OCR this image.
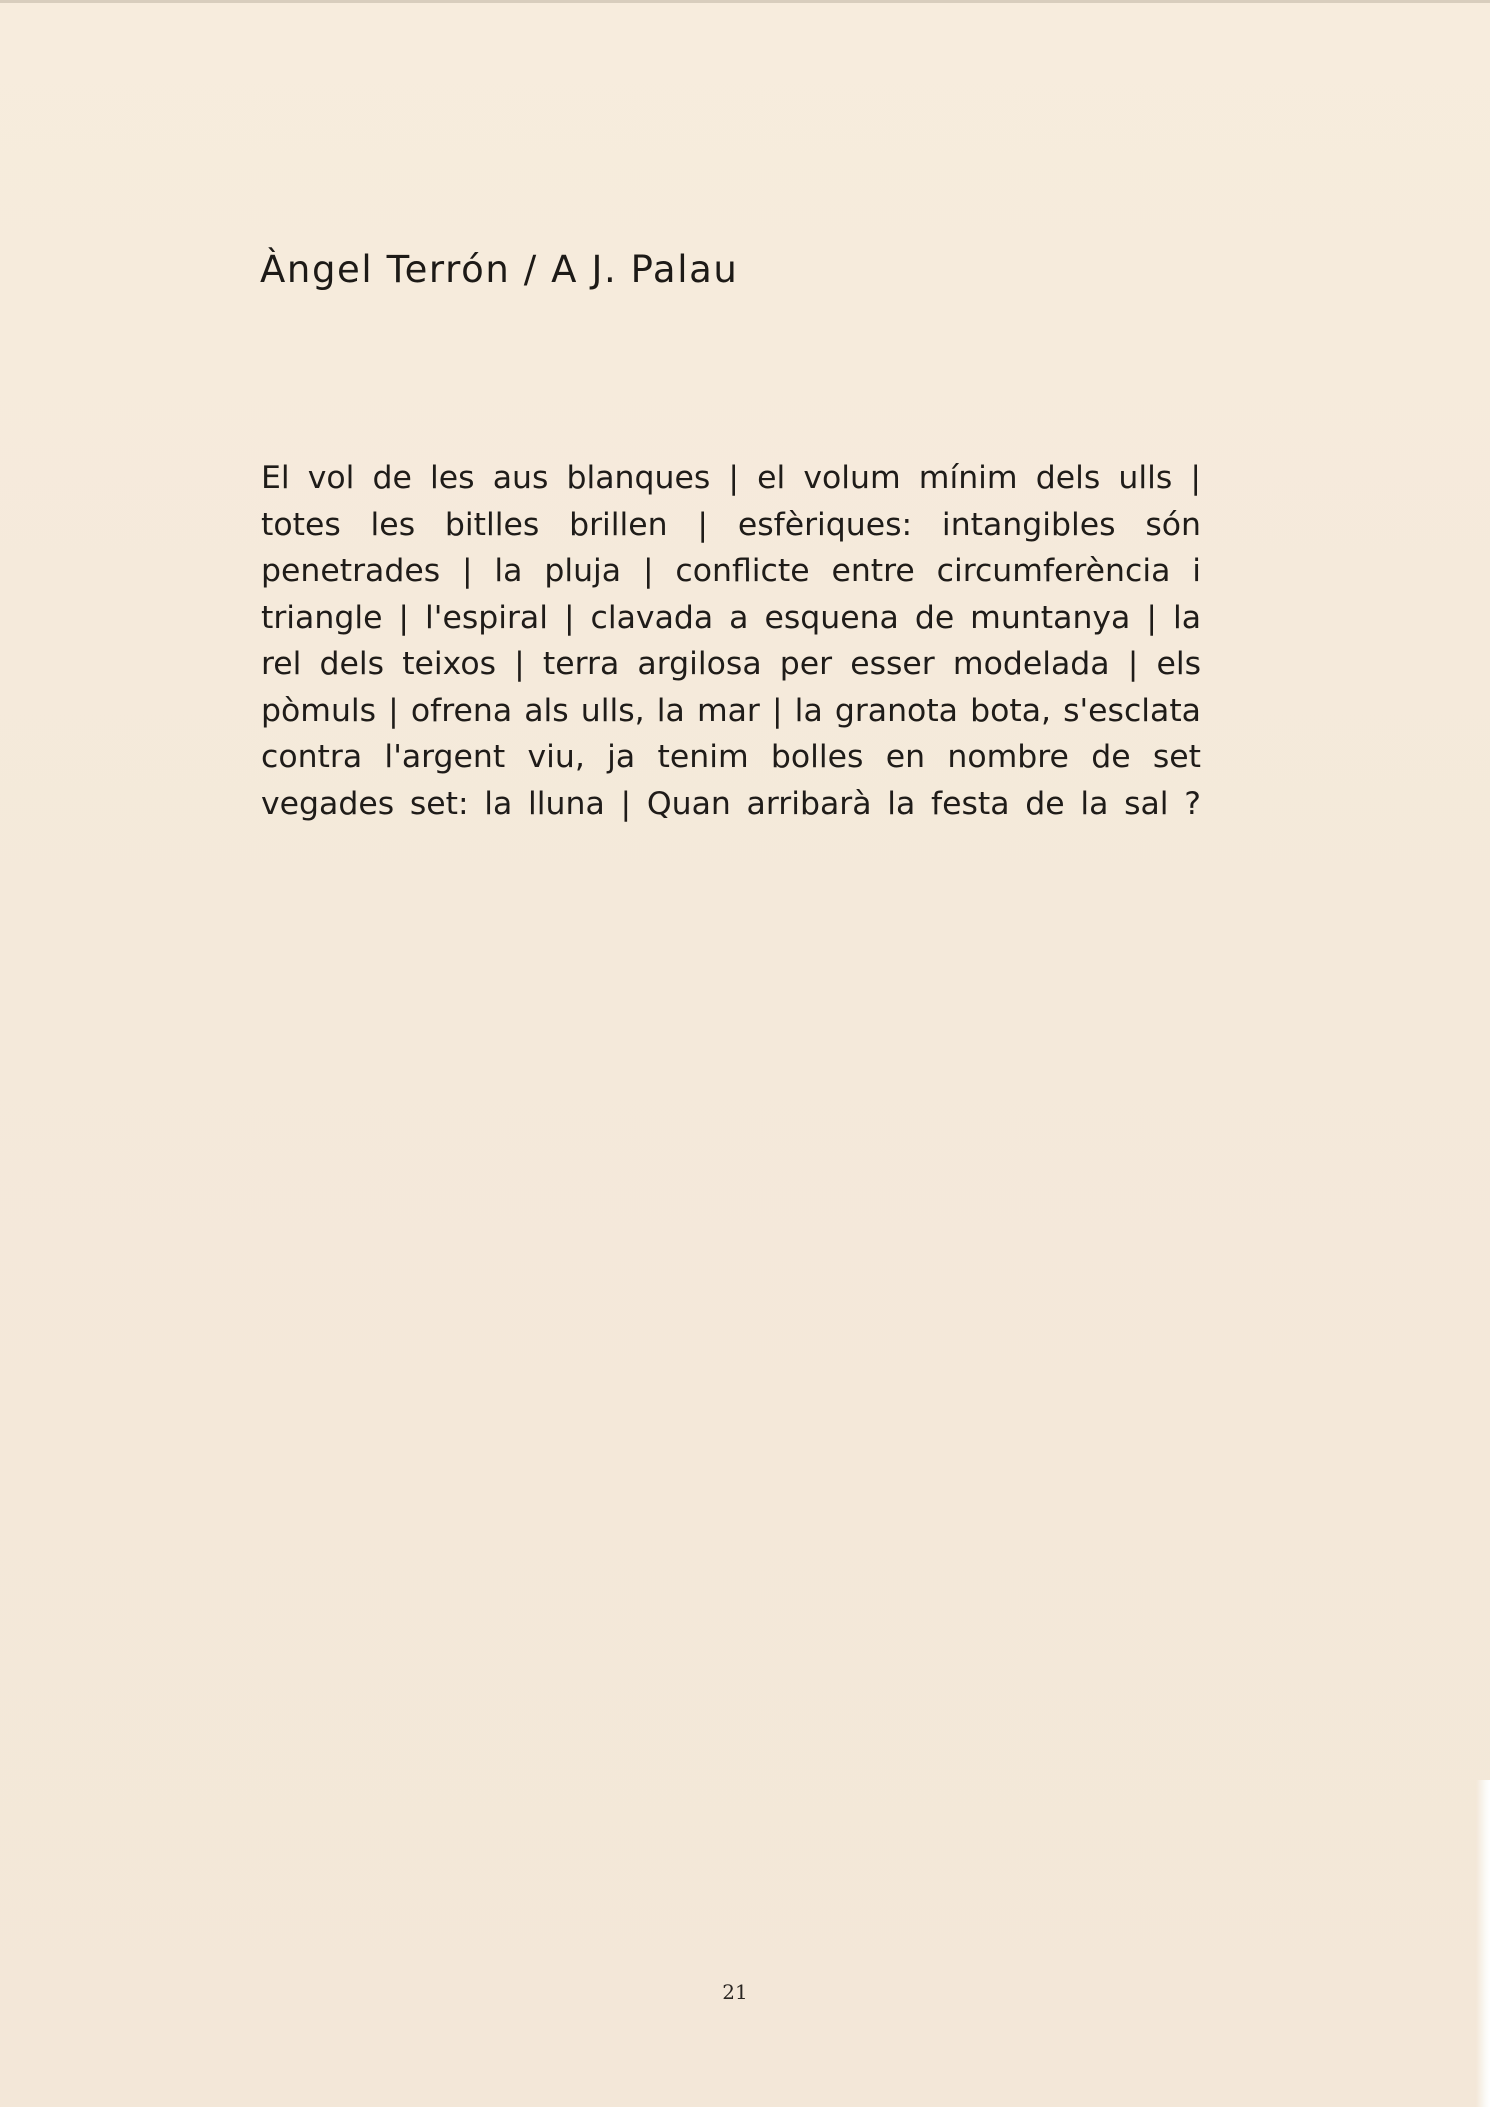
Àngel Terrón / A J. Palau
El vol de les aus blanques | el volum mínim dels ulls |
totes les bitlles brillen | esfèriques: intangibles són
penetrades | la pluja | conflicte entre circumferència i
triangle | l'espiral | clavada a esquena de muntanya | la
rel dels teixos | terra argilosa per esser modelada | els
pòmuls | ofrena als ulls, la mar | la granota bota, s'esclata
contra l'argent viu, ja tenim bolles en nombre de set
vegades set: la lluna | Quan arribarà la festa de la sal ?
21
